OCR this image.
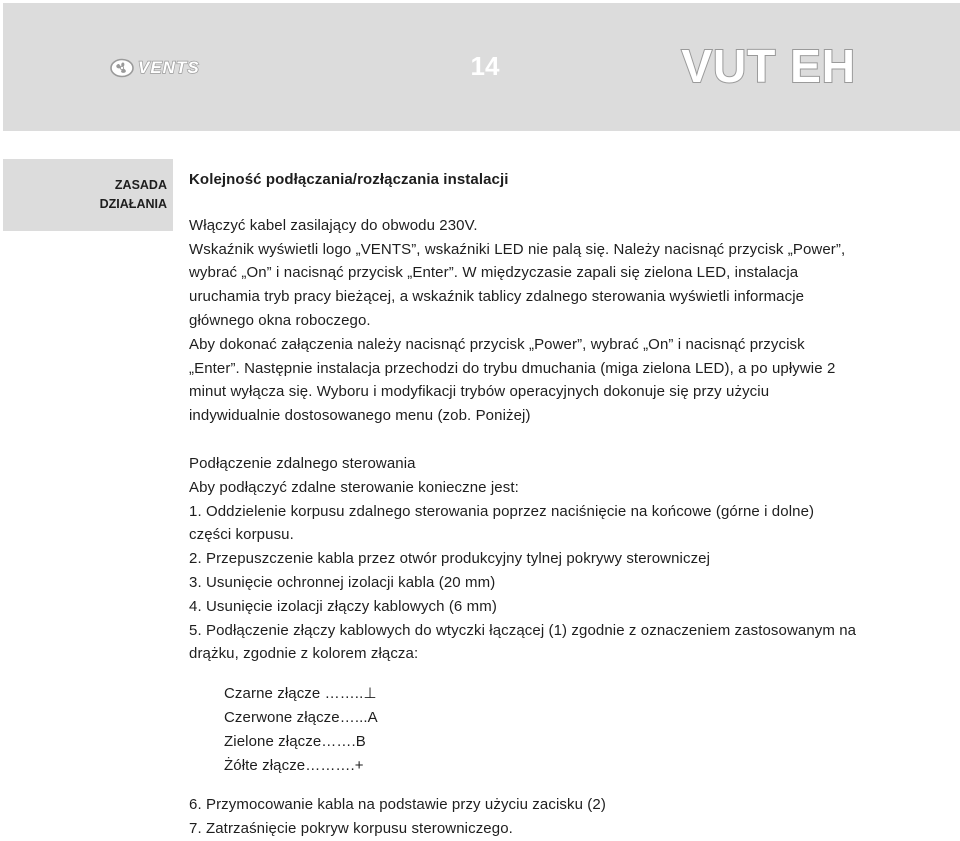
VENTS	14	VUT EH
ZASADA
DZIAŁANIA

Kolejność podłączania/rozłączania instalacji

Włączyć kabel zasilający do obwodu 230V.

Wskaźnik wyświetli logo „VENTS”, wskaźniki LED nie palą się. Należy nacisnąć przycisk „Power”,

wybrać „On” i nacisnąć przycisk „Enter”. W międzyczasie zapali się zielona LED, instalacja

uruchamia tryb pracy bieżącej, a wskaźnik tablicy zdalnego sterowania wyświetli informacje

głównego okna roboczego.

Aby dokonać załączenia należy nacisnąć przycisk „Power”, wybrać „On” i nacisnąć przycisk

„Enter”. Następnie instalacja przechodzi do trybu dmuchania (miga zielona LED), a po upływie 2

minut wyłącza się. Wyboru i modyfikacji trybów operacyjnych dokonuje się przy użyciu

indywidualnie dostosowanego menu (zob. Poniżej)

Podłączenie zdalnego sterowania

Aby podłączyć zdalne sterowanie konieczne jest:

1. Oddzielenie korpusu zdalnego sterowania poprzez naciśnięcie na końcowe (górne i dolne)

części korpusu.

2. Przepuszczenie kabla przez otwór produkcyjny tylnej pokrywy sterowniczej

3. Usunięcie ochronnej izolacji kabla (20 mm)

4. Usunięcie izolacji złączy kablowych (6 mm)

5. Podłączenie złączy kablowych do wtyczki łączącej (1) zgodnie z oznaczeniem zastosowanym na

drążku, zgodnie z kolorem złącza:

Czarne złącze ……..⊥

Czerwone złącze…...A

Zielone złącze…….B

Żółte złącze……….+

6. Przymocowanie kabla na podstawie przy użyciu zacisku (2)

7. Zatrzaśnięcie pokryw korpusu sterowniczego.
